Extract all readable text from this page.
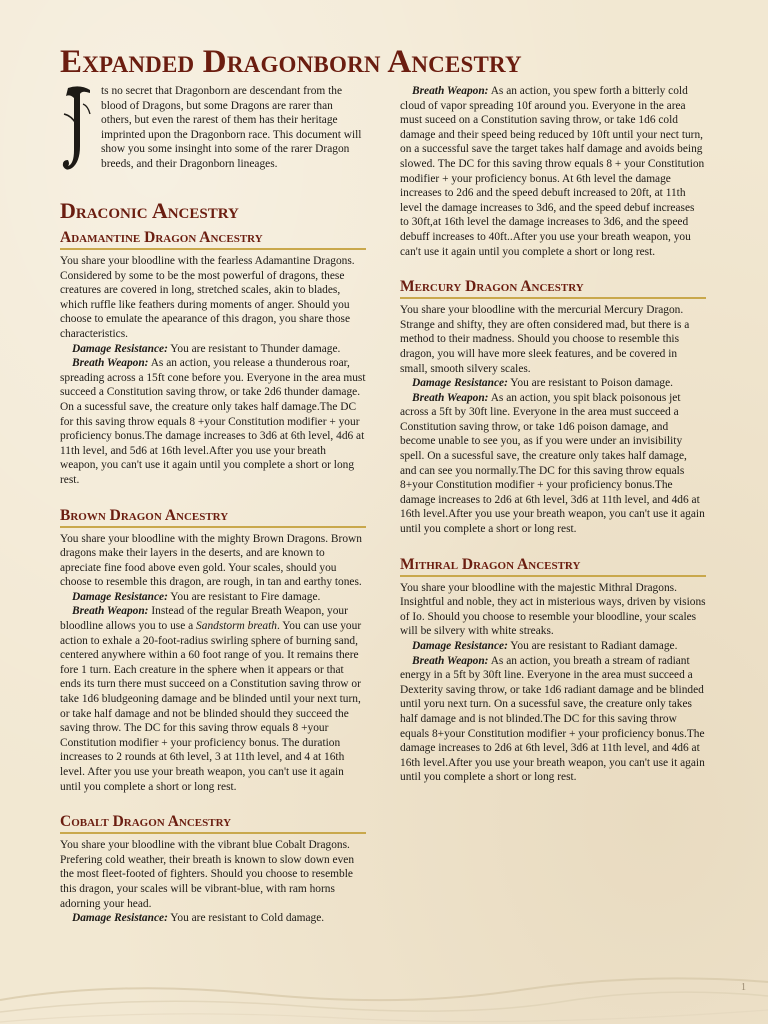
Expanded Dragonborn Ancestry

ts no secret that Dragonborn are descendant from the blood of Dragons, but some Dragons are rarer than others, but even the rarest of them has their heritage imprinted upon the Dragonborn race. This document will show you some insinght into some of the rarer Dragon breeds, and their Dragonborn lineages.

Draconic Ancestry
Adamantine Dragon Ancestry

You share your bloodline with the fearless Adamantine Dragons. Considered by some to be the most powerful of dragons, these creatures are covered in long, stretched scales, akin to blades, which ruffle like feathers during moments of anger. Should you choose to emulate the apearance of this dragon, you share those characteristics.

Damage Resistance: You are resistant to Thunder damage.

Breath Weapon: As an action, you release a thunderous roar, spreading across a 15ft cone before you. Everyone in the area must succeed a Constitution saving throw, or take 2d6 thunder damage. On a sucessful save, the creature only takes half damage.The DC for this saving throw equals 8 +your Constitution modifier + your proficiency bonus.The damage increases to 3d6 at 6th level, 4d6 at 11th level, and 5d6 at 16th level.After you use your breath weapon, you can't use it again until you complete a short or long rest.

Brown Dragon Ancestry

You share your bloodline with the mighty Brown Dragons. Brown dragons make their layers in the deserts, and are known to apreciate fine food above even gold. Your scales, should you choose to resemble this dragon, are rough, in tan and earthy tones.

Damage Resistance: You are resistant to Fire damage.

Breath Weapon: Instead of the regular Breath Weapon, your bloodline allows you to use a Sandstorm breath. You can use your action to exhale a 20-foot-radius swirling sphere of burning sand, centered anywhere within a 60 foot range of you. It remains there fore 1 turn. Each creature in the sphere when it appears or that ends its turn there must succeed on a Constitution saving throw or take 1d6 bludgeoning damage and be blinded until your next turn, or take half damage and not be blinded should they succeed the saving throw. The DC for this saving throw equals 8 +your Constitution modifier + your proficiency bonus. The duration increases to 2 rounds at 6th level, 3 at 11th level, and 4 at 16th level. After you use your breath weapon, you can't use it again until you complete a short or long rest.

Cobalt Dragon Ancestry

You share your bloodline with the vibrant blue Cobalt Dragons. Prefering cold weather, their breath is known to slow down even the most fleet-footed of fighters. Should you choose to resemble this dragon, your scales will be vibrant-blue, with ram horns adorning your head.

Damage Resistance: You are resistant to Cold damage.

Breath Weapon: As an action, you spew forth a bitterly cold cloud of vapor spreading 10f around you. Everyone in the area must suceed on a Constitution saving throw, or take 1d6 cold damage and their speed being reduced by 10ft until your nect turn, on a successful save the target takes half damage and avoids being slowed. The DC for this saving throw equals 8 + your Constitution modifier + your proficiency bonus. At 6th level the damage increases to 2d6 and the speed debuft increased to 20ft, at 11th level the damage increases to 3d6, and the speed debuf increases to 30ft,at 16th level the damage increases to 3d6, and the speed debuff increases to 40ft..After you use your breath weapon, you can't use it again until you complete a short or long rest.

Mercury Dragon Ancestry

You share your bloodline with the mercurial Mercury Dragon. Strange and shifty, they are often considered mad, but there is a method to their madness. Should you choose to resemble this dragon, you will have more sleek features, and be covered in small, smooth silvery scales.

Damage Resistance: You are resistant to Poison damage.

Breath Weapon: As an action, you spit black poisonous jet across a 5ft by 30ft line. Everyone in the area must succeed a Constitution saving throw, or take 1d6 poison damage, and become unable to see you, as if you were under an invisibility spell. On a sucessful save, the creature only takes half damage, and can see you normally.The DC for this saving throw equals 8+your Constitution modifier + your proficiency bonus.The damage increases to 2d6 at 6th level, 3d6 at 11th level, and 4d6 at 16th level.After you use your breath weapon, you can't use it again until you complete a short or long rest.

Mithral Dragon Ancestry

You share your bloodline with the majestic Mithral Dragons. Insightful and noble, they act in misterious ways, driven by visions of Io. Should you choose to resemble your bloodline, your scales will be silvery with white streaks.

Damage Resistance: You are resistant to Radiant damage.

Breath Weapon: As an action, you breath a stream of radiant energy in a 5ft by 30ft line. Everyone in the area must succeed a Dexterity saving throw, or take 1d6 radiant damage and be blinded until yoru next turn. On a sucessful save, the creature only takes half damage and is not blinded.The DC for this saving throw equals 8+your Constitution modifier + your proficiency bonus.The damage increases to 2d6 at 6th level, 3d6 at 11th level, and 4d6 at 16th level.After you use your breath weapon, you can't use it again until you complete a short or long rest.

1
